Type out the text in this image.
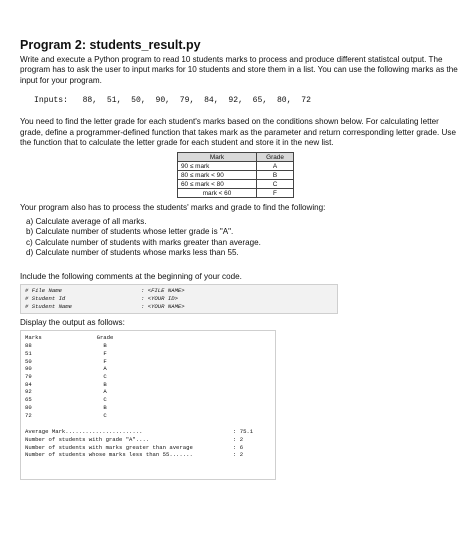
Program 2: students_result.py

Write and execute a Python program to read 10 students marks to process and produce different statistcal output. The program has to ask the user to input marks for 10 students and store them in a list. You can use the following marks as the input for your program.

Inputs: 88, 51, 50, 90, 79, 84, 92, 65, 80, 72

You need to find the letter grade for each student's marks based on the conditions shown below. For calculating letter grade, define a programmer-defined function that takes mark as the parameter and return corresponding letter grade. Use the function that to calculate the letter grade for each student and store it in the new list.

Mark	Grade
90 ≤ mark	A
80 ≤ mark < 90	B
60 ≤ mark < 80	C
mark < 60	F

Your program also has to process the students' marks and grade to find the following:

a) Calculate average of all marks.
b) Calculate number of students whose letter grade is "A".
c) Calculate number of students with marks greater than average.
d) Calculate number of students whose marks less than 55.
Include the following comments at the beginning of your code.
# File Name	: <FILE NAME>
# Student Id	: <YOUR ID>
# Student Name	: <YOUR NAME>
Display the output as follows:
Marks	Grade
88	B
51	F
50	F
90	A
79	C
84	B
92	A
65	C
80	B
72	C
Average Mark.......................	: 75.1
Number of students with grade "A"....	: 2
Number of students with marks greater than average	: 6
Number of students whose marks less than 55.......	: 2
